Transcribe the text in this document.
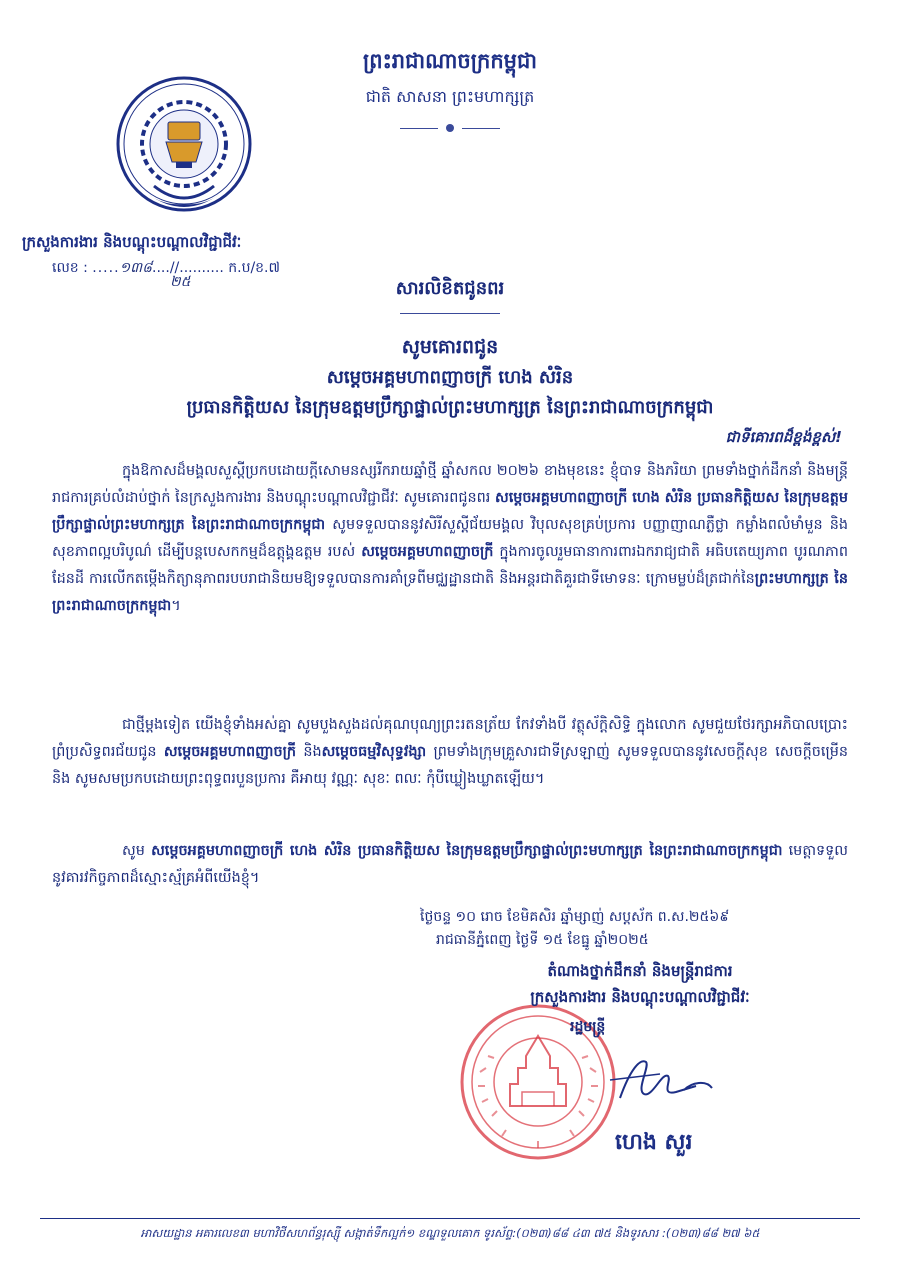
ព្រះរាជាណាចក្រកម្ពុជា
ជាតិ សាសនា ព្រះមហាក្សត្រ
ក្រសួងការងារ និងបណ្តុះបណ្តាលវិជ្ជាជីវៈ
លេខ : .....១៣៨....//.......... ក.ប/ខ.៧
២៥	សារលិខិតជូនពរ
សូមគោរពជូន
សម្តេចអគ្គមហាពញាចក្រី ហេង សំរិន
ប្រធានកិត្តិយស នៃក្រុមឧត្តមប្រឹក្សាផ្ទាល់ព្រះមហាក្សត្រ នៃព្រះរាជាណាចក្រកម្ពុជា
ជាទីគោរពដ៏ខ្ពង់ខ្ពស់!
ក្នុងឱកាសដ៏មង្គលសួស្តីប្រកបដោយក្តីសោមនស្សរីករាយឆ្នាំថ្មី ឆ្នាំសកល ២០២៦ ខាងមុខនេះ ខ្ញុំបាទ និងភរិយា ព្រមទាំងថ្នាក់ដឹកនាំ និងមន្ត្រីរាជការគ្រប់លំដាប់ថ្នាក់ នៃក្រសួងការងារ និងបណ្តុះបណ្តាលវិជ្ជាជីវៈ សូមគោរពជូនពរ សម្តេចអគ្គមហាពញាចក្រី ហេង សំរិន ប្រធានកិត្តិយស នៃក្រុមឧត្តមប្រឹក្សាផ្ទាល់ព្រះមហាក្សត្រ នៃព្រះរាជាណាចក្រកម្ពុជា សូមទទួលបាននូវសិរីសួស្តីជ័យមង្គល វិបុលសុខគ្រប់ប្រការ បញ្ញាញាណភ្លឺថ្លា កម្លាំងពលំមាំមួន និងសុខភាពល្អបរិបូណ៌ ដើម្បីបន្តបេសកកម្មដ៏ឧត្តុង្គឧត្តម របស់ សម្តេចអគ្គមហាពញាចក្រី ក្នុងការចូលរួមធានាការពារឯករាជ្យជាតិ អធិបតេយ្យភាព បូរណភាពដែនដី ការលើកតម្កើងកិត្យានុភាពរបបរាជានិយមឱ្យទទួលបានការគាំទ្រពីមជ្ឈដ្ឋានជាតិ និងអន្តរជាតិគួរជាទីមោទនៈ ក្រោមម្លប់ដ៏ត្រជាក់នៃព្រះមហាក្សត្រ នៃព្រះរាជាណាចក្រកម្ពុជា។
ជាថ្មីម្តងទៀត យើងខ្ញុំទាំងអស់គ្នា សូមបួងសួងដល់គុណបុណ្យព្រះរតនត្រ័យ កែវទាំងបី វត្ថុស័ក្តិសិទ្ធិ ក្នុងលោក សូមជួយថែរក្សាអភិបាលប្រោះព្រំប្រសិទ្ធពរជ័យជូន សម្តេចអគ្គមហាពញាចក្រី និងសម្តេចធម្មវិសុទ្ធវង្សា ព្រមទាំងក្រុមគ្រួសារជាទីស្រឡាញ់ សូមទទួលបាននូវសេចក្តីសុខ សេចក្តីចម្រើន និង សូមសមប្រកបដោយព្រះពុទ្ធពរបួនប្រការ គឺអាយុ វណ្ណៈ សុខៈ ពលៈ កុំបីឃ្លៀងឃ្លាតឡើយ។
សូម សម្តេចអគ្គមហាពញាចក្រី ហេង សំរិន ប្រធានកិត្តិយស នៃក្រុមឧត្តមប្រឹក្សាផ្ទាល់ព្រះមហាក្សត្រ នៃព្រះរាជាណាចក្រកម្ពុជា មេត្តាទទួលនូវគារវកិច្ចភាពដ៏ស្មោះស្ម័គ្រអំពីយើងខ្ញុំ។
ថ្ងៃចន្ទ ១០ រោច ខែមិគសិរ ឆ្នាំម្សាញ់ សប្តស័ក ព.ស.២៥៦៩
រាជធានីភ្នំពេញ ថ្ងៃទី ១៥ ខែធ្នូ ឆ្នាំ២០២៥
តំណាងថ្នាក់ដឹកនាំ និងមន្ត្រីរាជការ
ក្រសួងការងារ និងបណ្តុះបណ្តាលវិជ្ជាជីវៈ
រដ្ឋមន្ត្រី
ហេង សួរ
អាសយដ្ឋាន អគារលេខ៣ មហាវិថីសហព័ន្ធរុស្ស៊ី សង្កាត់ទឹកល្អក់១ ខណ្ឌទួលគោក ទូរស័ព្ទ:(០២៣)៨៨ ៤៣ ៧៥ និងទូរសារ :(០២៣)៨៨ ២៧ ៦៥
